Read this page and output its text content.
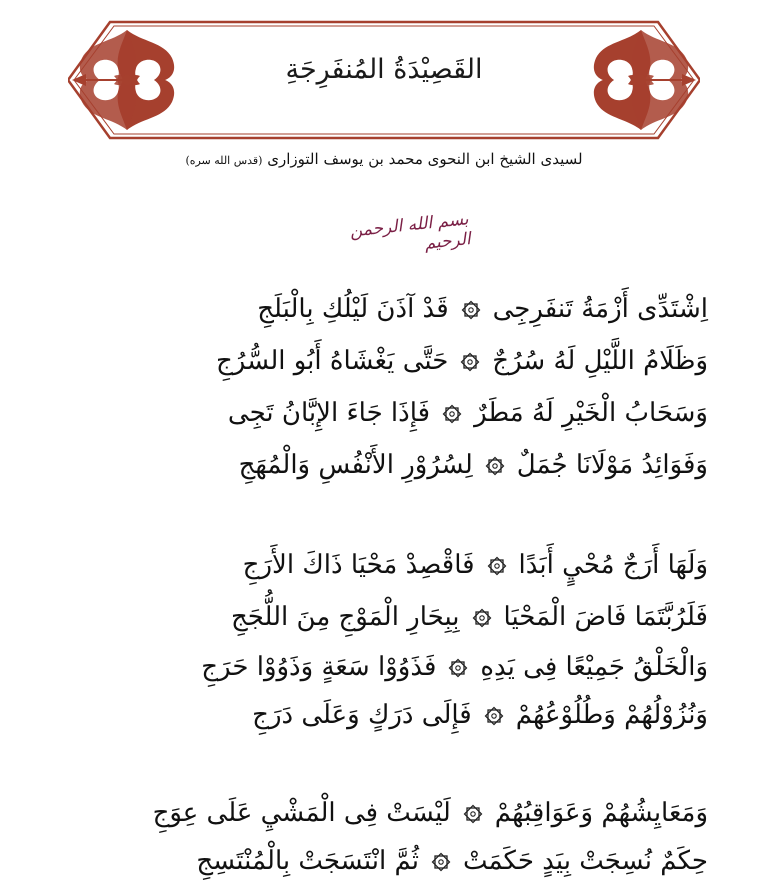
القَصِيْدَةُ المُنفَرِجَةِ
لسيدى الشيخ ابن النحوى محمد بن يوسف التوزارى (قدس الله سره)
بسم الله الرحمن الرحيم
اِشْتَدِّى أَزْمَةُ تَنفَرِجِى
قَدْ آذَنَ لَيْلُكِ بِالْبَلَجِ
وَظَلَامُ اللَّيْلِ لَهُ سُرُجٌ
حَتَّى يَغْشَاهُ أَبُو السُّرُجِ
وَسَحَابُ الْخَيْرِ لَهُ مَطَرٌ
فَإِذَا جَاءَ الإِبَّانُ تَجِى
وَفَوَائِدُ مَوْلَانَا جُمَلٌ
لِسُرُوْرِ الأَنْفُسِ وَالْمُهَجِ
وَلَهَا أَرَجٌ مُحْيٍ أَبَدًا
فَاقْصِدْ مَحْيَا ذَاكَ الأَرَجِ
فَلَرُبَّتَمَا فَاضَ الْمَحْيَا
بِبِحَارِ الْمَوْجِ مِنَ اللُّجَجِ
وَالْخَلْقُ جَمِيْعًا فِى يَدِهِ
فَذَوُوْا سَعَةٍ وَذَوُوْا حَرَجِ
وَنُزُوْلُهُمْ وَطُلُوْعُهُمْ
فَإِلَى دَرَكٍ وَعَلَى دَرَجِ
وَمَعَايِشُهُمْ وَعَوَاقِبُهُمْ
لَيْسَتْ فِى الْمَشْيِ عَلَى عِوَجِ
حِكَمٌ نُسِجَتْ بِيَدٍ حَكَمَتْ
ثُمَّ انْتَسَجَتْ بِالْمُنْتَسِجِ
